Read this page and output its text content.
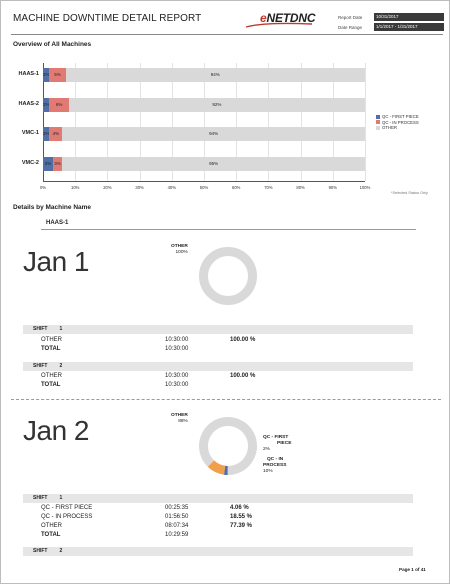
MACHINE DOWNTIME DETAIL REPORT	eNETDNC	Report Date	10/31/2017
Date Range	1/1/2017 - 1/31/2017
Overview of All Machines
0%	10%	20%	30%	40%	50%	60%	70%	80%	90%	100%
HAAS-1 2%	5%	94%
HAAS-2 2%	6%	92%
VMC-1 2% 4%	94%
VMC-2	3% 3%	95%
QC - FIRST PIECE
QC - IN PROCESS
OTHER
*Selected Status Only
Details by Machine Name
HAAS-1
Jan 1	OTHER
100%
SHIFT 1
OTHER	10:30:00	100.00 %
TOTAL	10:30:00
SHIFT 2
OTHER	10:30:00	100.00 %
TOTAL	10:30:00
Jan 2	OTHER
88%
QC - FIRST
PIECE
2%
QC - IN
PROCESS
10%
SHIFT 1
QC - FIRST PIECE	00:25:35	4.06 %
QC - IN PROCESS	01:56:50	18.55 %
OTHER	08:07:34	77.39 %
TOTAL	10:29:59
SHIFT 2
Page 1 of 41
